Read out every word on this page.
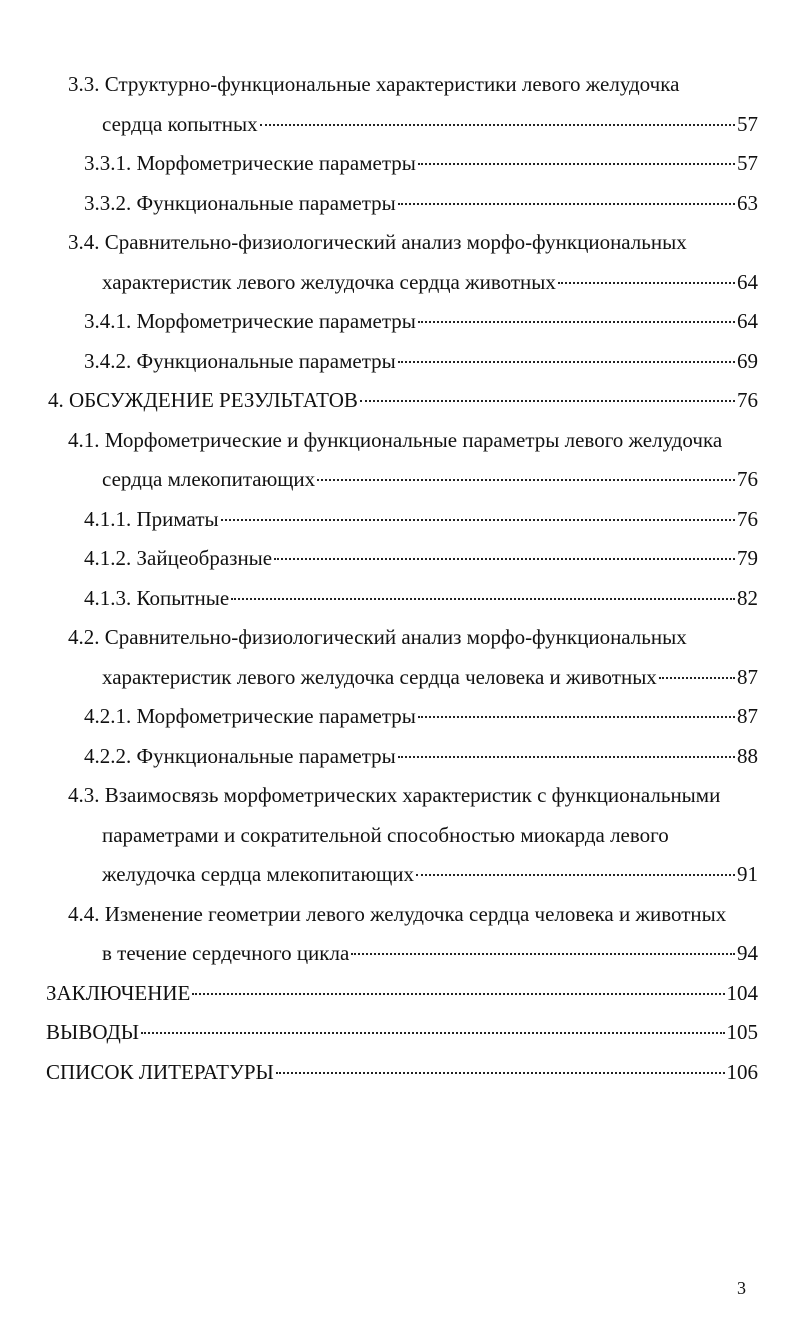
3.3. Структурно-функциональные характеристики левого желудочка
сердца копытных	57
3.3.1. Морфометрические параметры	57
3.3.2. Функциональные параметры	63
3.4. Сравнительно-физиологический анализ морфо-функциональных
характеристик левого желудочка сердца животных	64
3.4.1. Морфометрические параметры	64
3.4.2. Функциональные параметры	69
4. ОБСУЖДЕНИЕ РЕЗУЛЬТАТОВ	76
4.1. Морфометрические и функциональные параметры левого желудочка
сердца млекопитающих	76
4.1.1. Приматы	76
4.1.2. Зайцеобразные	79
4.1.3. Копытные	82
4.2. Сравнительно-физиологический анализ морфо-функциональных
характеристик левого желудочка сердца человека и животных	87
4.2.1. Морфометрические параметры	87
4.2.2. Функциональные параметры	88
4.3. Взаимосвязь морфометрических характеристик с функциональными
параметрами и сократительной способностью миокарда левого
желудочка сердца млекопитающих	91
4.4. Изменение геометрии левого желудочка сердца человека и животных
в течение сердечного цикла	94
ЗАКЛЮЧЕНИЕ	104
ВЫВОДЫ	105
СПИСОК ЛИТЕРАТУРЫ	106
3
